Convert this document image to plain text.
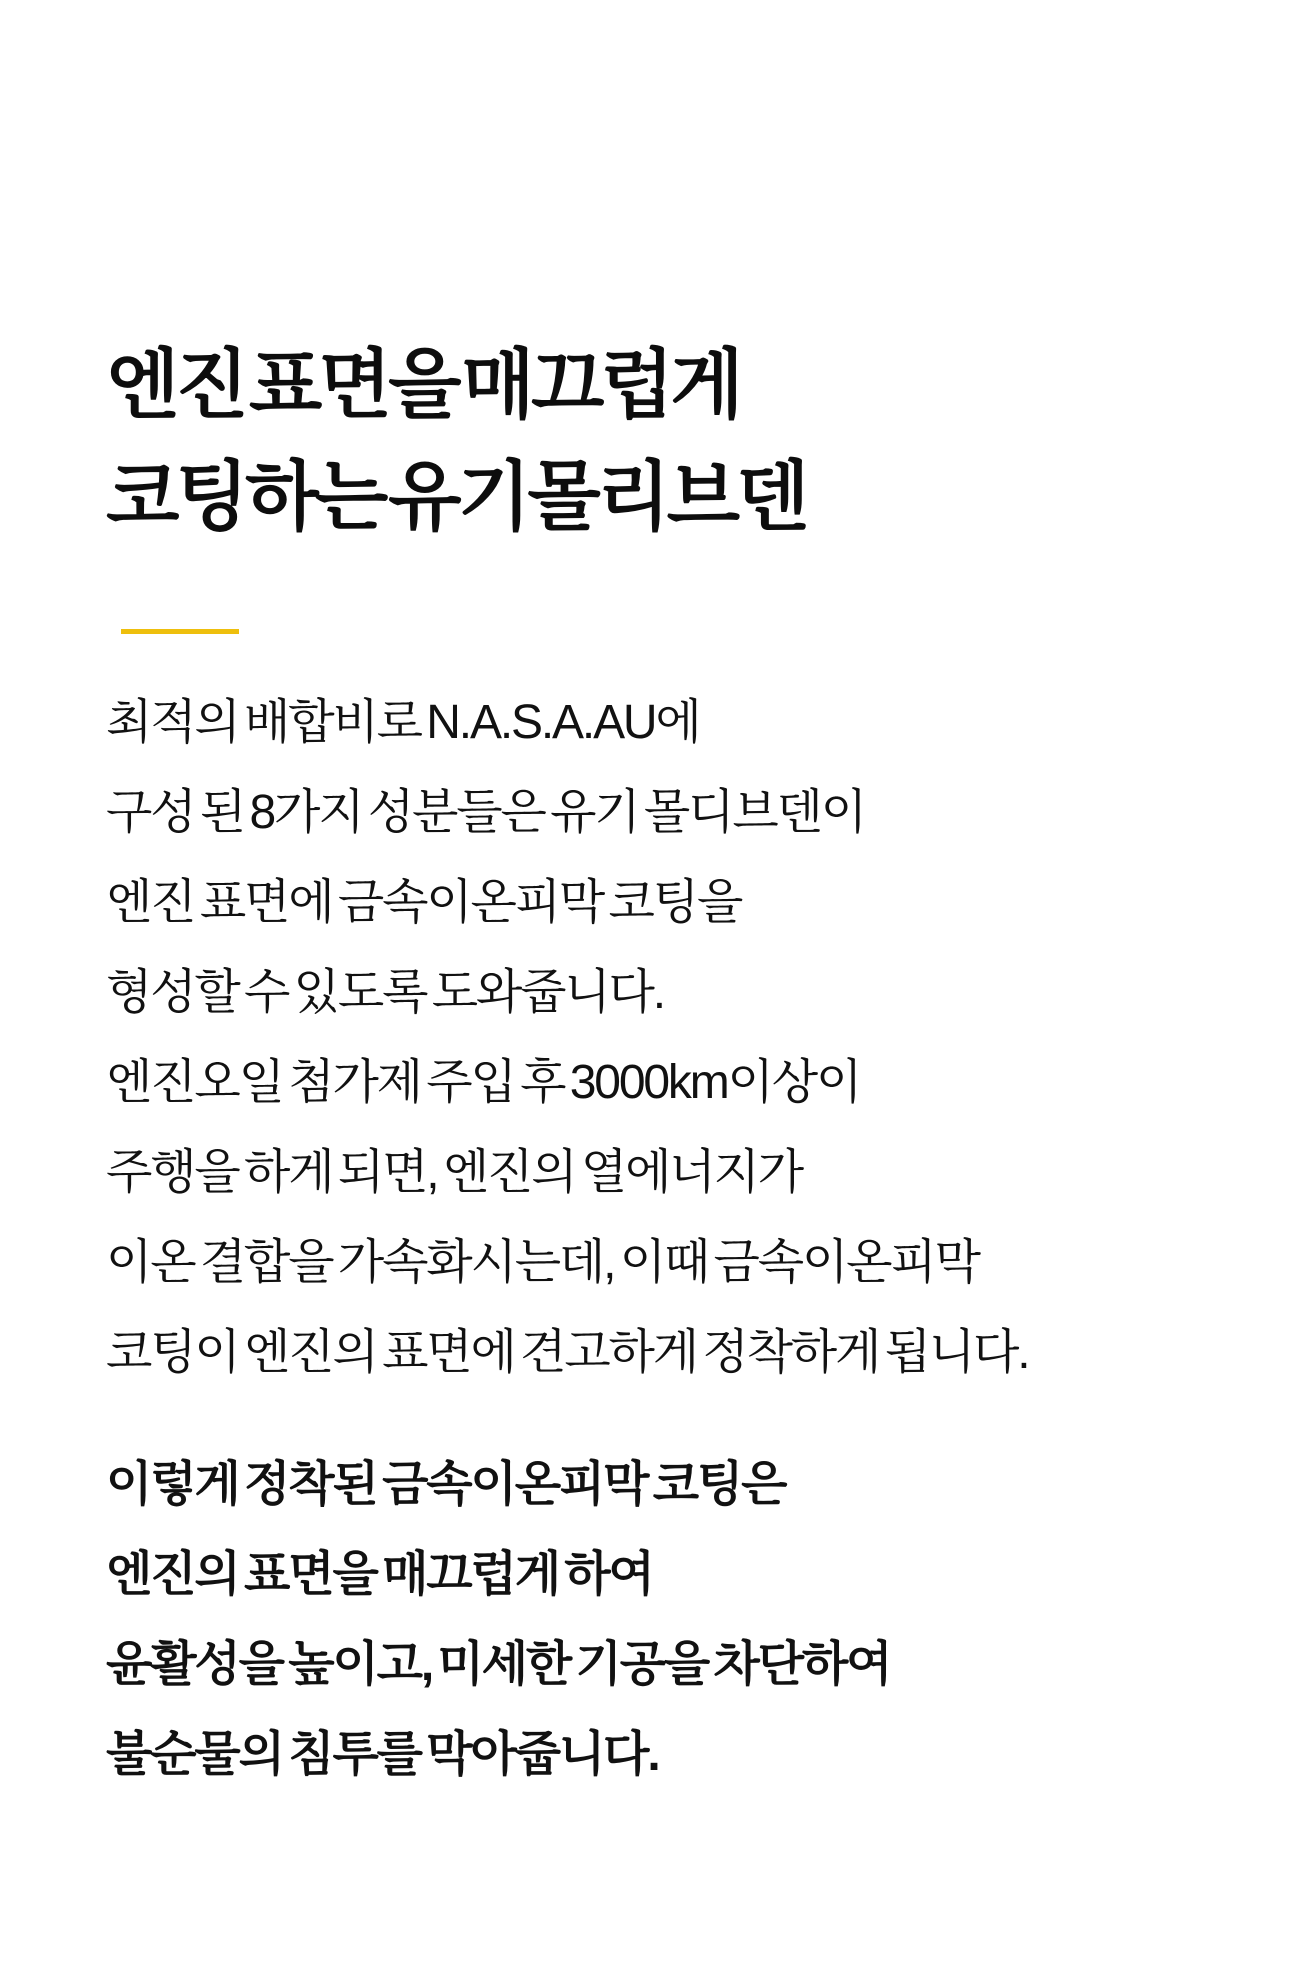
엔진 표면을 매끄럽게
코팅하는 유기몰리브덴
최적의 배합비로 N.A.S.A.AU에
구성 된 8가지 성분들은 유기 몰디브덴이
엔진 표면에 금속이온피막 코팅을
형성할 수 있도록 도와줍니다.
엔진오일 첨가제 주입 후 3000km이상이
주행을 하게 되면, 엔진의 열에너지가
이온 결합을 가속화시는데, 이때 금속이온피막
코팅이 엔진의 표면에 견고하게 정착하게 됩니다.
이렇게 정착된 금속이온피막 코팅은
엔진의 표면을 매끄럽게 하여
윤활성을 높이고, 미세한 기공을 차단하여
불순물의 침투를 막아줍니다.
